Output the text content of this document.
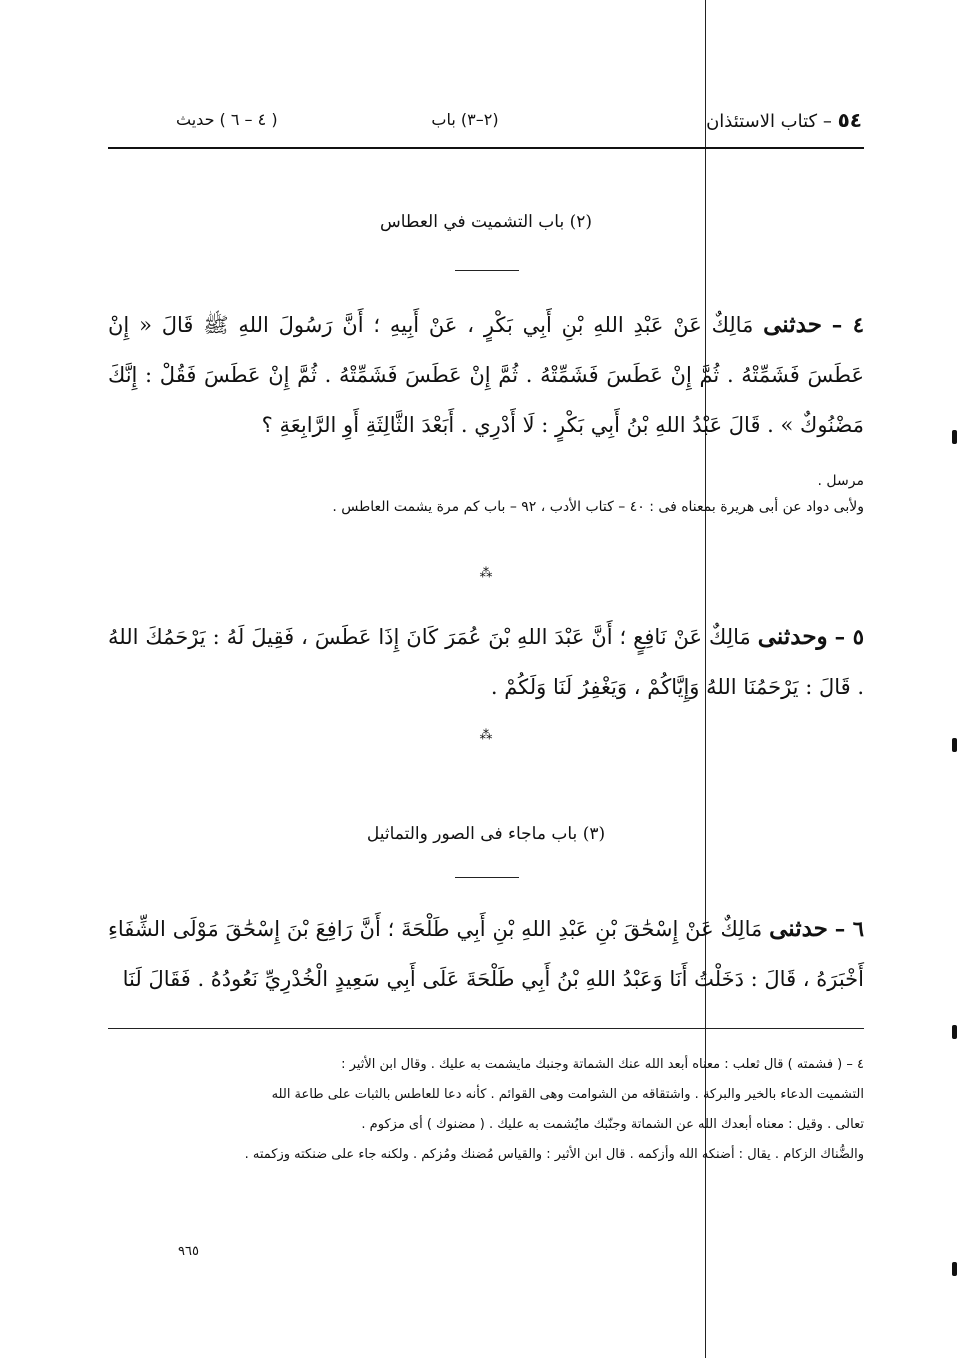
٥٤ – كتاب الاستئذان
(٢–٣) باب
( ٤ – ٦ ) حديث
(٢) باب التشميت في العطاس
٤ – حدثنى مَالِكٌ عَنْ عَبْدِ اللهِ بْنِ أَبِي بَكْرٍ ، عَنْ أَبِيهِ ؛ أَنَّ رَسُولَ اللهِ ﷺ قَالَ « إِنْ عَطَسَ فَشَمِّتْهُ . ثُمَّ إِنْ عَطَسَ فَشَمِّتْهُ . ثُمَّ إِنْ عَطَسَ فَشَمِّتْهُ . ثُمَّ إِنْ عَطَسَ فَقُلْ : إِنَّكَ مَضْنُوكٌ » . قَالَ عَبْدُ اللهِ بْنُ أَبِي بَكْرٍ : لَا أَدْرِي . أَبَعْدَ الثَّالِثَةِ أَوِ الرَّابِعَةِ ؟
مرسل .
ولأبى دواد عن أبى هريرة بمعناه فى : ٤٠ – كتاب الأدب ، ٩٢ – باب كم مرة يشمت العاطس .
⁂
٥ – وحدثنى مَالِكٌ عَنْ نَافِعٍ ؛ أَنَّ عَبْدَ اللهِ بْنَ عُمَرَ كَانَ إِذَا عَطَسَ ، فَقِيلَ لَهُ : يَرْحَمُكَ اللهُ . قَالَ : يَرْحَمُنَا اللهُ وَإِيَّاكُمْ ، وَيَغْفِرُ لَنَا وَلَكُمْ .
⁂
(٣) باب ماجاء فى الصور والتماثيل
٦ – حدثنى مَالِكٌ عَنْ إِسْحَٰقَ بْنِ عَبْدِ اللهِ بْنِ أَبِي طَلْحَةَ ؛ أَنَّ رَافِعَ بْنَ إِسْحَٰقَ مَوْلَى الشِّفَاءِ أَخْبَرَهُ ، قَالَ : دَخَلْتُ أَنَا وَعَبْدُ اللهِ بْنُ أَبِي طَلْحَةَ عَلَى أَبِي سَعِيدٍ الْخُدْرِيِّ نَعُودُهُ . فَقَالَ لَنَا

٤ – ( فشمته ) قال ثعلب : معناه أبعد الله عنك الشماتة وجنبك مايشمت به عليك . وقال ابن الأثير :

التشميت الدعاء بالخير والبركة . واشتقاقه من الشوامت وهى القوائم . كأنه دعا للعاطس بالثبات على طاعة الله

تعالى . وقيل : معناه أبعدك الله عن الشماتة وجنّبك مايُشمت به عليك . ( مضنوك ) أى مزكوم .

والضُّناك الزكام . يقال : أضنكه الله وأزكمه . قال ابن الأثير : والقياس مُضنك ومُزكم . ولكنه جاء على ضنكته وزكمته .

٩٦٥
